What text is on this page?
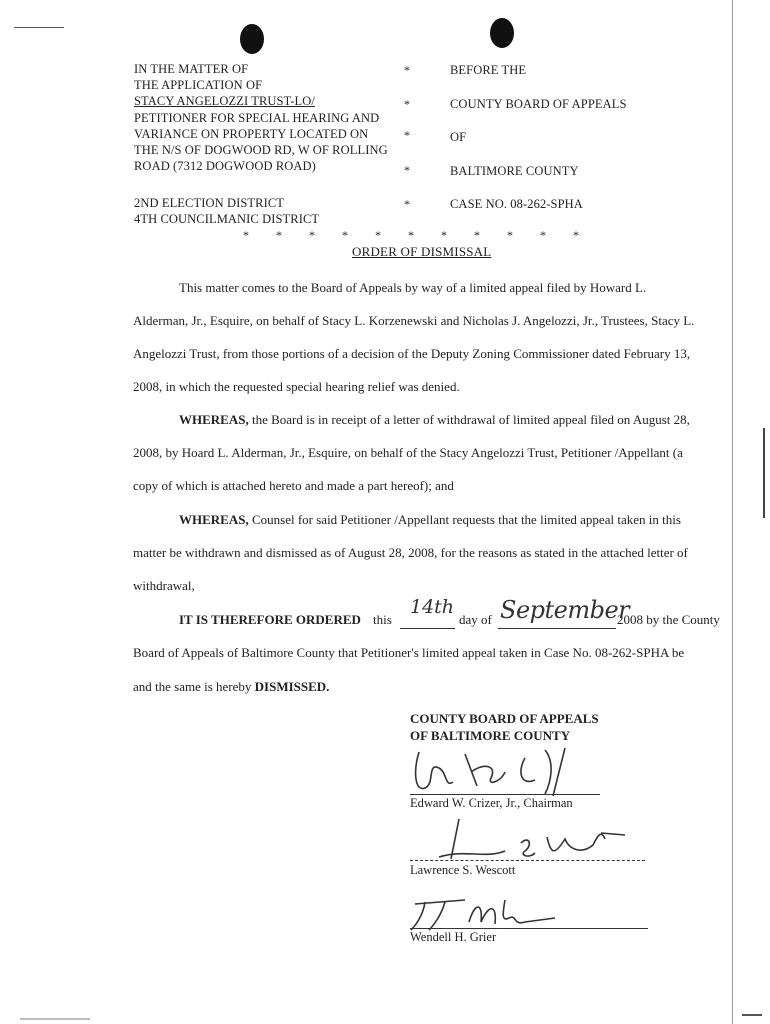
IN THE MATTER OF
THE APPLICATION OF
STACY ANGELOZZI TRUST-LO/
PETITIONER FOR SPECIAL HEARING AND
VARIANCE ON PROPERTY LOCATED ON
THE N/S OF DOGWOOD RD, W OF ROLLING
ROAD (7312 DOGWOOD ROAD)
2ND ELECTION DISTRICT
4TH COUNCILMANIC DISTRICT
*
*
*
*
*
BEFORE THE
COUNTY BOARD OF APPEALS
OF
BALTIMORE COUNTY
CASE NO. 08-262-SPHA
* * * * * * * * * * *
ORDER OF DISMISSAL
This matter comes to the Board of Appeals by way of a limited appeal filed by Howard L.
Alderman, Jr., Esquire, on behalf of Stacy L. Korzenewski and Nicholas J. Angelozzi, Jr., Trustees, Stacy L.
Angelozzi Trust, from those portions of a decision of the Deputy Zoning Commissioner dated February 13,
2008, in which the requested special hearing relief was denied.
WHEREAS, the Board is in receipt of a letter of withdrawal of limited appeal filed on August 28,
2008, by Hoard L. Alderman, Jr., Esquire, on behalf of the Stacy Angelozzi Trust, Petitioner /Appellant (a
copy of which is attached hereto and made a part hereof); and
WHEREAS, Counsel for said Petitioner /Appellant requests that the limited appeal taken in this
matter be withdrawn and dismissed as of August 28, 2008, for the reasons as stated in the attached letter of
withdrawal,
IT IS THEREFORE ORDERED this
14th
day of September
2008 by the County
Board of Appeals of Baltimore County that Petitioner's limited appeal taken in Case No. 08-262-SPHA be
and the same is hereby DISMISSED.
COUNTY BOARD OF APPEALS
OF BALTIMORE COUNTY
Edward W. Crizer, Jr., Chairman
Lawrence S. Wescott
Wendell H. Grier
